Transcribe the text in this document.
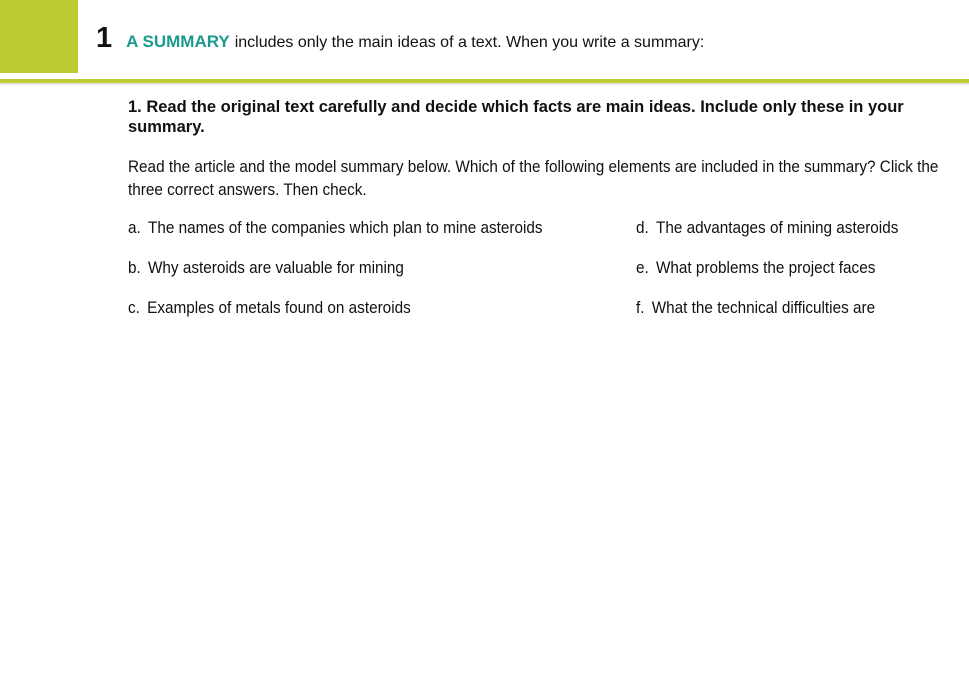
1 A SUMMARY includes only the main ideas of a text. When you write a summary:
1. Read the original text carefully and decide which facts are main ideas. Include only these in your summary.
Read the article and the model summary below. Which of the following elements are included in the summary? Click the three correct answers. Then check.
a. The names of the companies which plan to mine asteroids
b. Why asteroids are valuable for mining
c. Examples of metals found on asteroids
d. The advantages of mining asteroids
e. What problems the project faces
f. What the technical difficulties are
